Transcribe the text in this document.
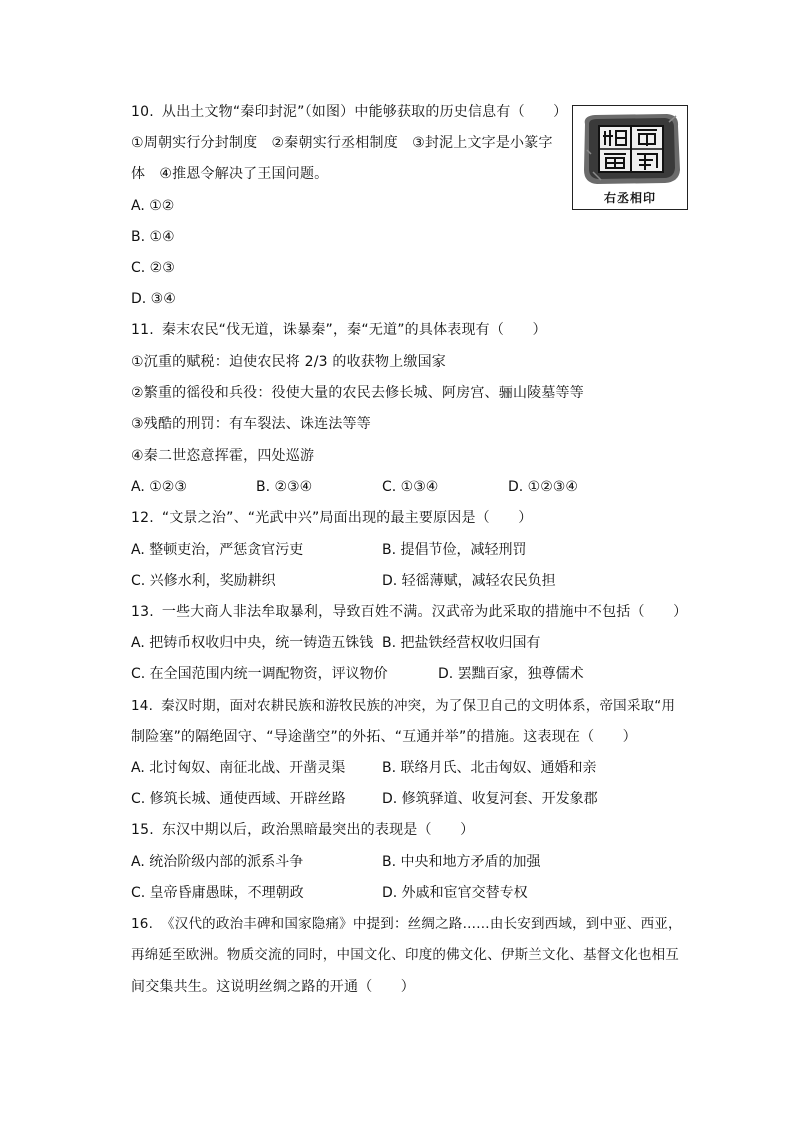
10. 从出土文物“秦印封泥”（如图）中能够获取的历史信息有（　　）
①周朝实行分封制度　②秦朝实行丞相制度　③封泥上文字是小篆字
体　④推恩令解决了王国问题。
A. ①②
B. ①④
C. ②③
D. ③④
右丞相印
11. 秦末农民“伐无道，诛暴秦”，秦“无道”的具体表现有（　　）
①沉重的赋税：迫使农民将 2/3 的收获物上缴国家
②繁重的徭役和兵役：役使大量的农民去修长城、阿房宫、骊山陵墓等等
③残酷的刑罚：有车裂法、诛连法等等
④秦二世恣意挥霍，四处巡游
A. ①②③	B. ②③④	C. ①③④	D. ①②③④
12. “文景之治”、“光武中兴”局面出现的最主要原因是（　　）
A. 整顿吏治，严惩贪官污吏	B. 提倡节俭，减轻刑罚
C. 兴修水利，奖励耕织	D. 轻徭薄赋，减轻农民负担
13. 一些大商人非法牟取暴利，导致百姓不满。汉武帝为此采取的措施中不包括（　　）
A. 把铸币权收归中央，统一铸造五铢钱 B. 把盐铁经营权收归国有
C. 在全国范围内统一调配物资，评议物价	D. 罢黜百家，独尊儒术
14. 秦汉时期，面对农耕民族和游牧民族的冲突，为了保卫自己的文明体系，帝国采取“用
制险塞”的隔绝固守、“导途凿空”的外拓、“互通并举”的措施。这表现在（　　）
A. 北讨匈奴、南征北战、开凿灵渠	B. 联络月氏、北击匈奴、通婚和亲
C. 修筑长城、通使西域、开辟丝路	D. 修筑驿道、收复河套、开发象郡
15. 东汉中期以后，政治黑暗最突出的表现是（　　）
A. 统治阶级内部的派系斗争	B. 中央和地方矛盾的加强
C. 皇帝昏庸愚昧，不理朝政	D. 外戚和宦官交替专权
16. 《汉代的政治丰碑和国家隐痛》中提到：丝绸之路……由长安到西域，到中亚、西亚，
再绵延至欧洲。物质交流的同时，中国文化、印度的佛文化、伊斯兰文化、基督文化也相互
间交集共生。这说明丝绸之路的开通（　　）
